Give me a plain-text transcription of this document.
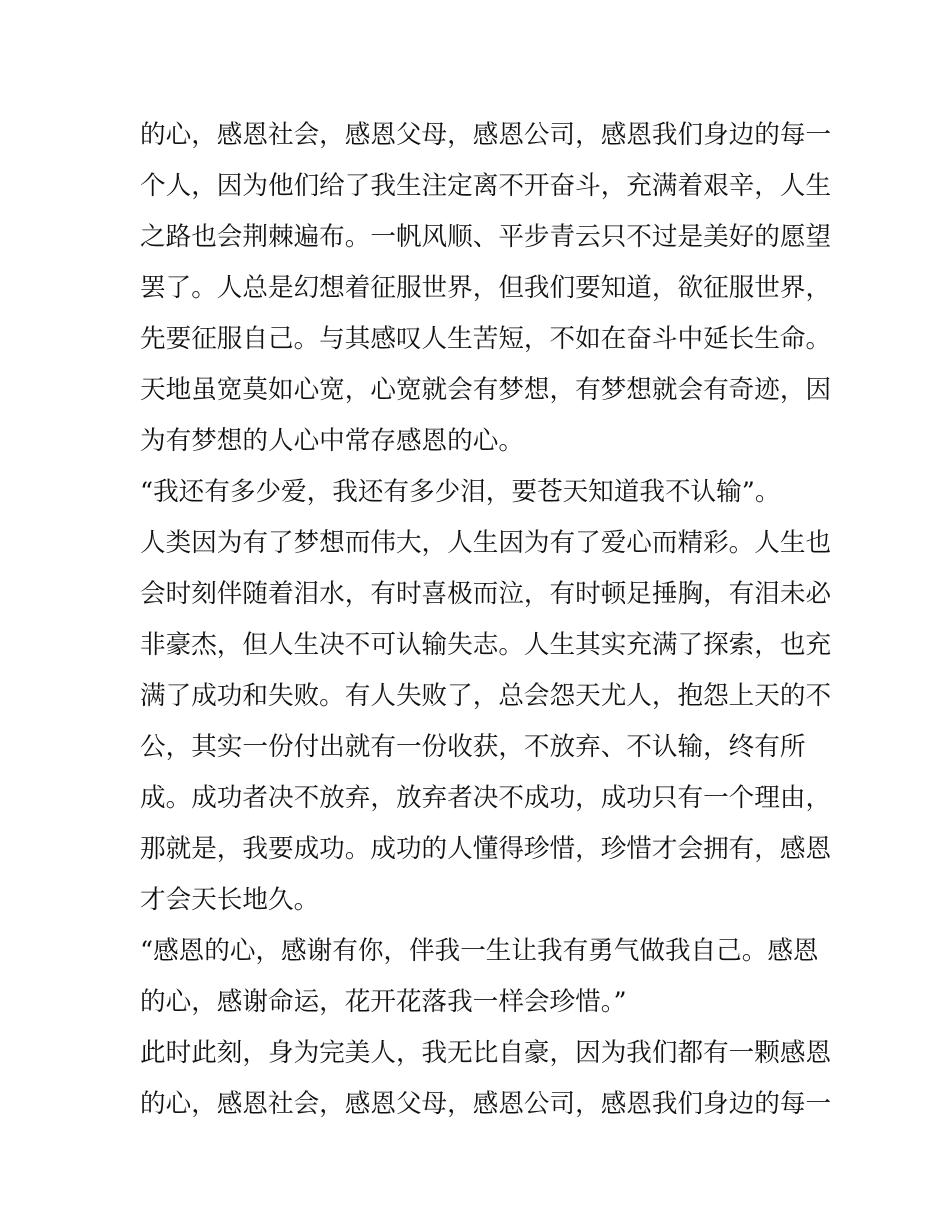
的心，感恩社会，感恩父母，感恩公司，感恩我们身边的每一
个人，因为他们给了我生注定离不开奋斗，充满着艰辛，人生
之路也会荆棘遍布。一帆风顺、平步青云只不过是美好的愿望
罢了。人总是幻想着征服世界，但我们要知道，欲征服世界，
先要征服自己。与其感叹人生苦短，不如在奋斗中延长生命。
天地虽宽莫如心宽，心宽就会有梦想，有梦想就会有奇迹，因
为有梦想的人心中常存感恩的心。
“我还有多少爱，我还有多少泪，要苍天知道我不认输”。
人类因为有了梦想而伟大，人生因为有了爱心而精彩。人生也
会时刻伴随着泪水，有时喜极而泣，有时顿足捶胸，有泪未必
非豪杰，但人生决不可认输失志。人生其实充满了探索，也充
满了成功和失败。有人失败了，总会怨天尤人，抱怨上天的不
公，其实一份付出就有一份收获，不放弃、不认输，终有所
成。成功者决不放弃，放弃者决不成功，成功只有一个理由，
那就是，我要成功。成功的人懂得珍惜，珍惜才会拥有，感恩
才会天长地久。
“感恩的心，感谢有你，伴我一生让我有勇气做我自己。感恩
的心，感谢命运，花开花落我一样会珍惜。”
此时此刻，身为完美人，我无比自豪，因为我们都有一颗感恩
的心，感恩社会，感恩父母，感恩公司，感恩我们身边的每一
